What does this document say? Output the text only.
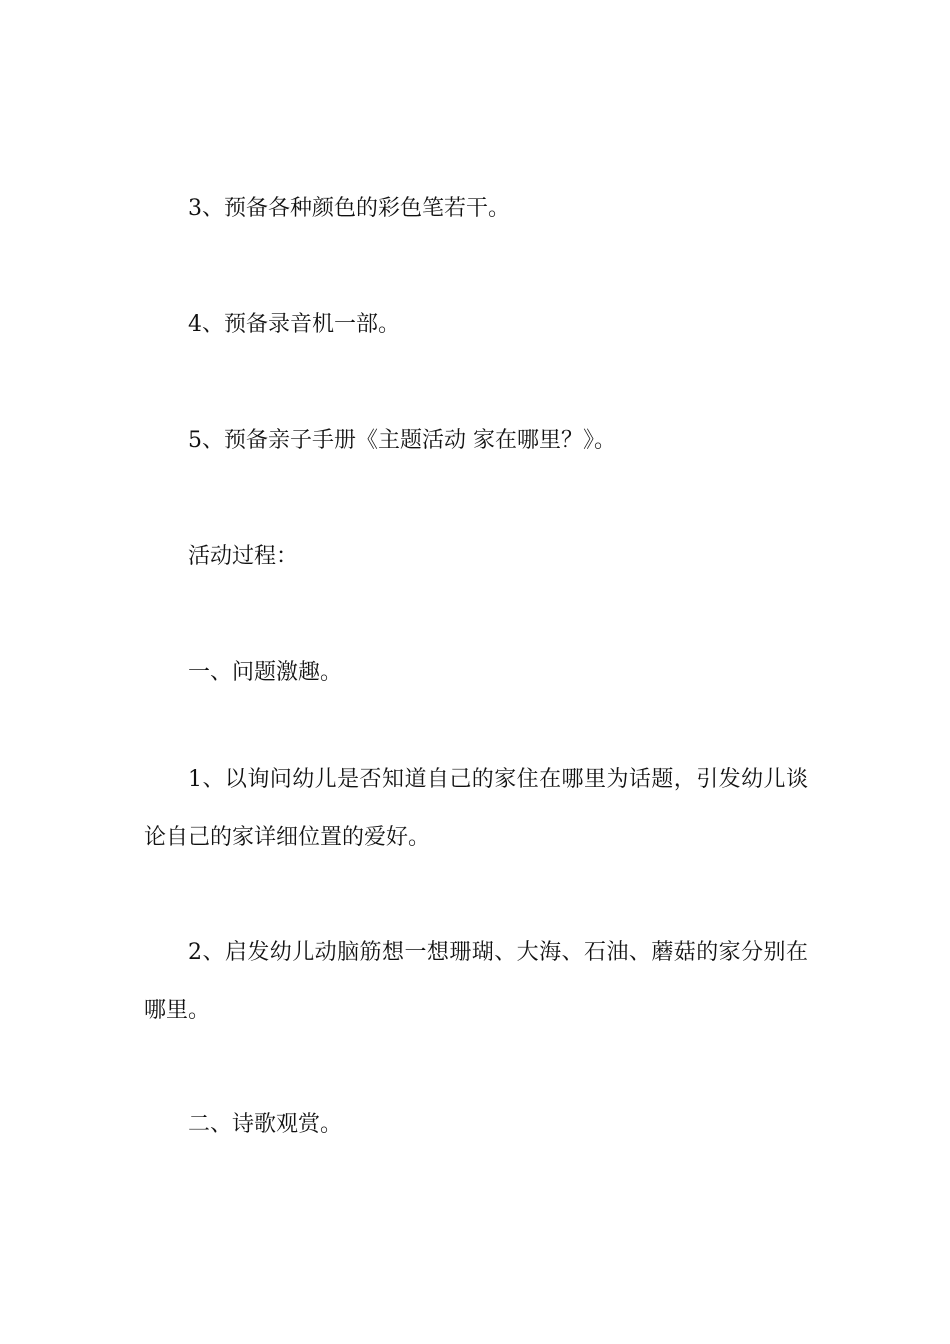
3、预备各种颜色的彩色笔若干。

4、预备录音机一部。

5、预备亲子手册《主题活动 家在哪里？》。

活动过程：

一、问题激趣。

1、以询问幼儿是否知道自己的家住在哪里为话题，引发幼儿谈论自己的家详细位置的爱好。

2、启发幼儿动脑筋想一想珊瑚、大海、石油、蘑菇的家分别在哪里。

二、诗歌观赏。
